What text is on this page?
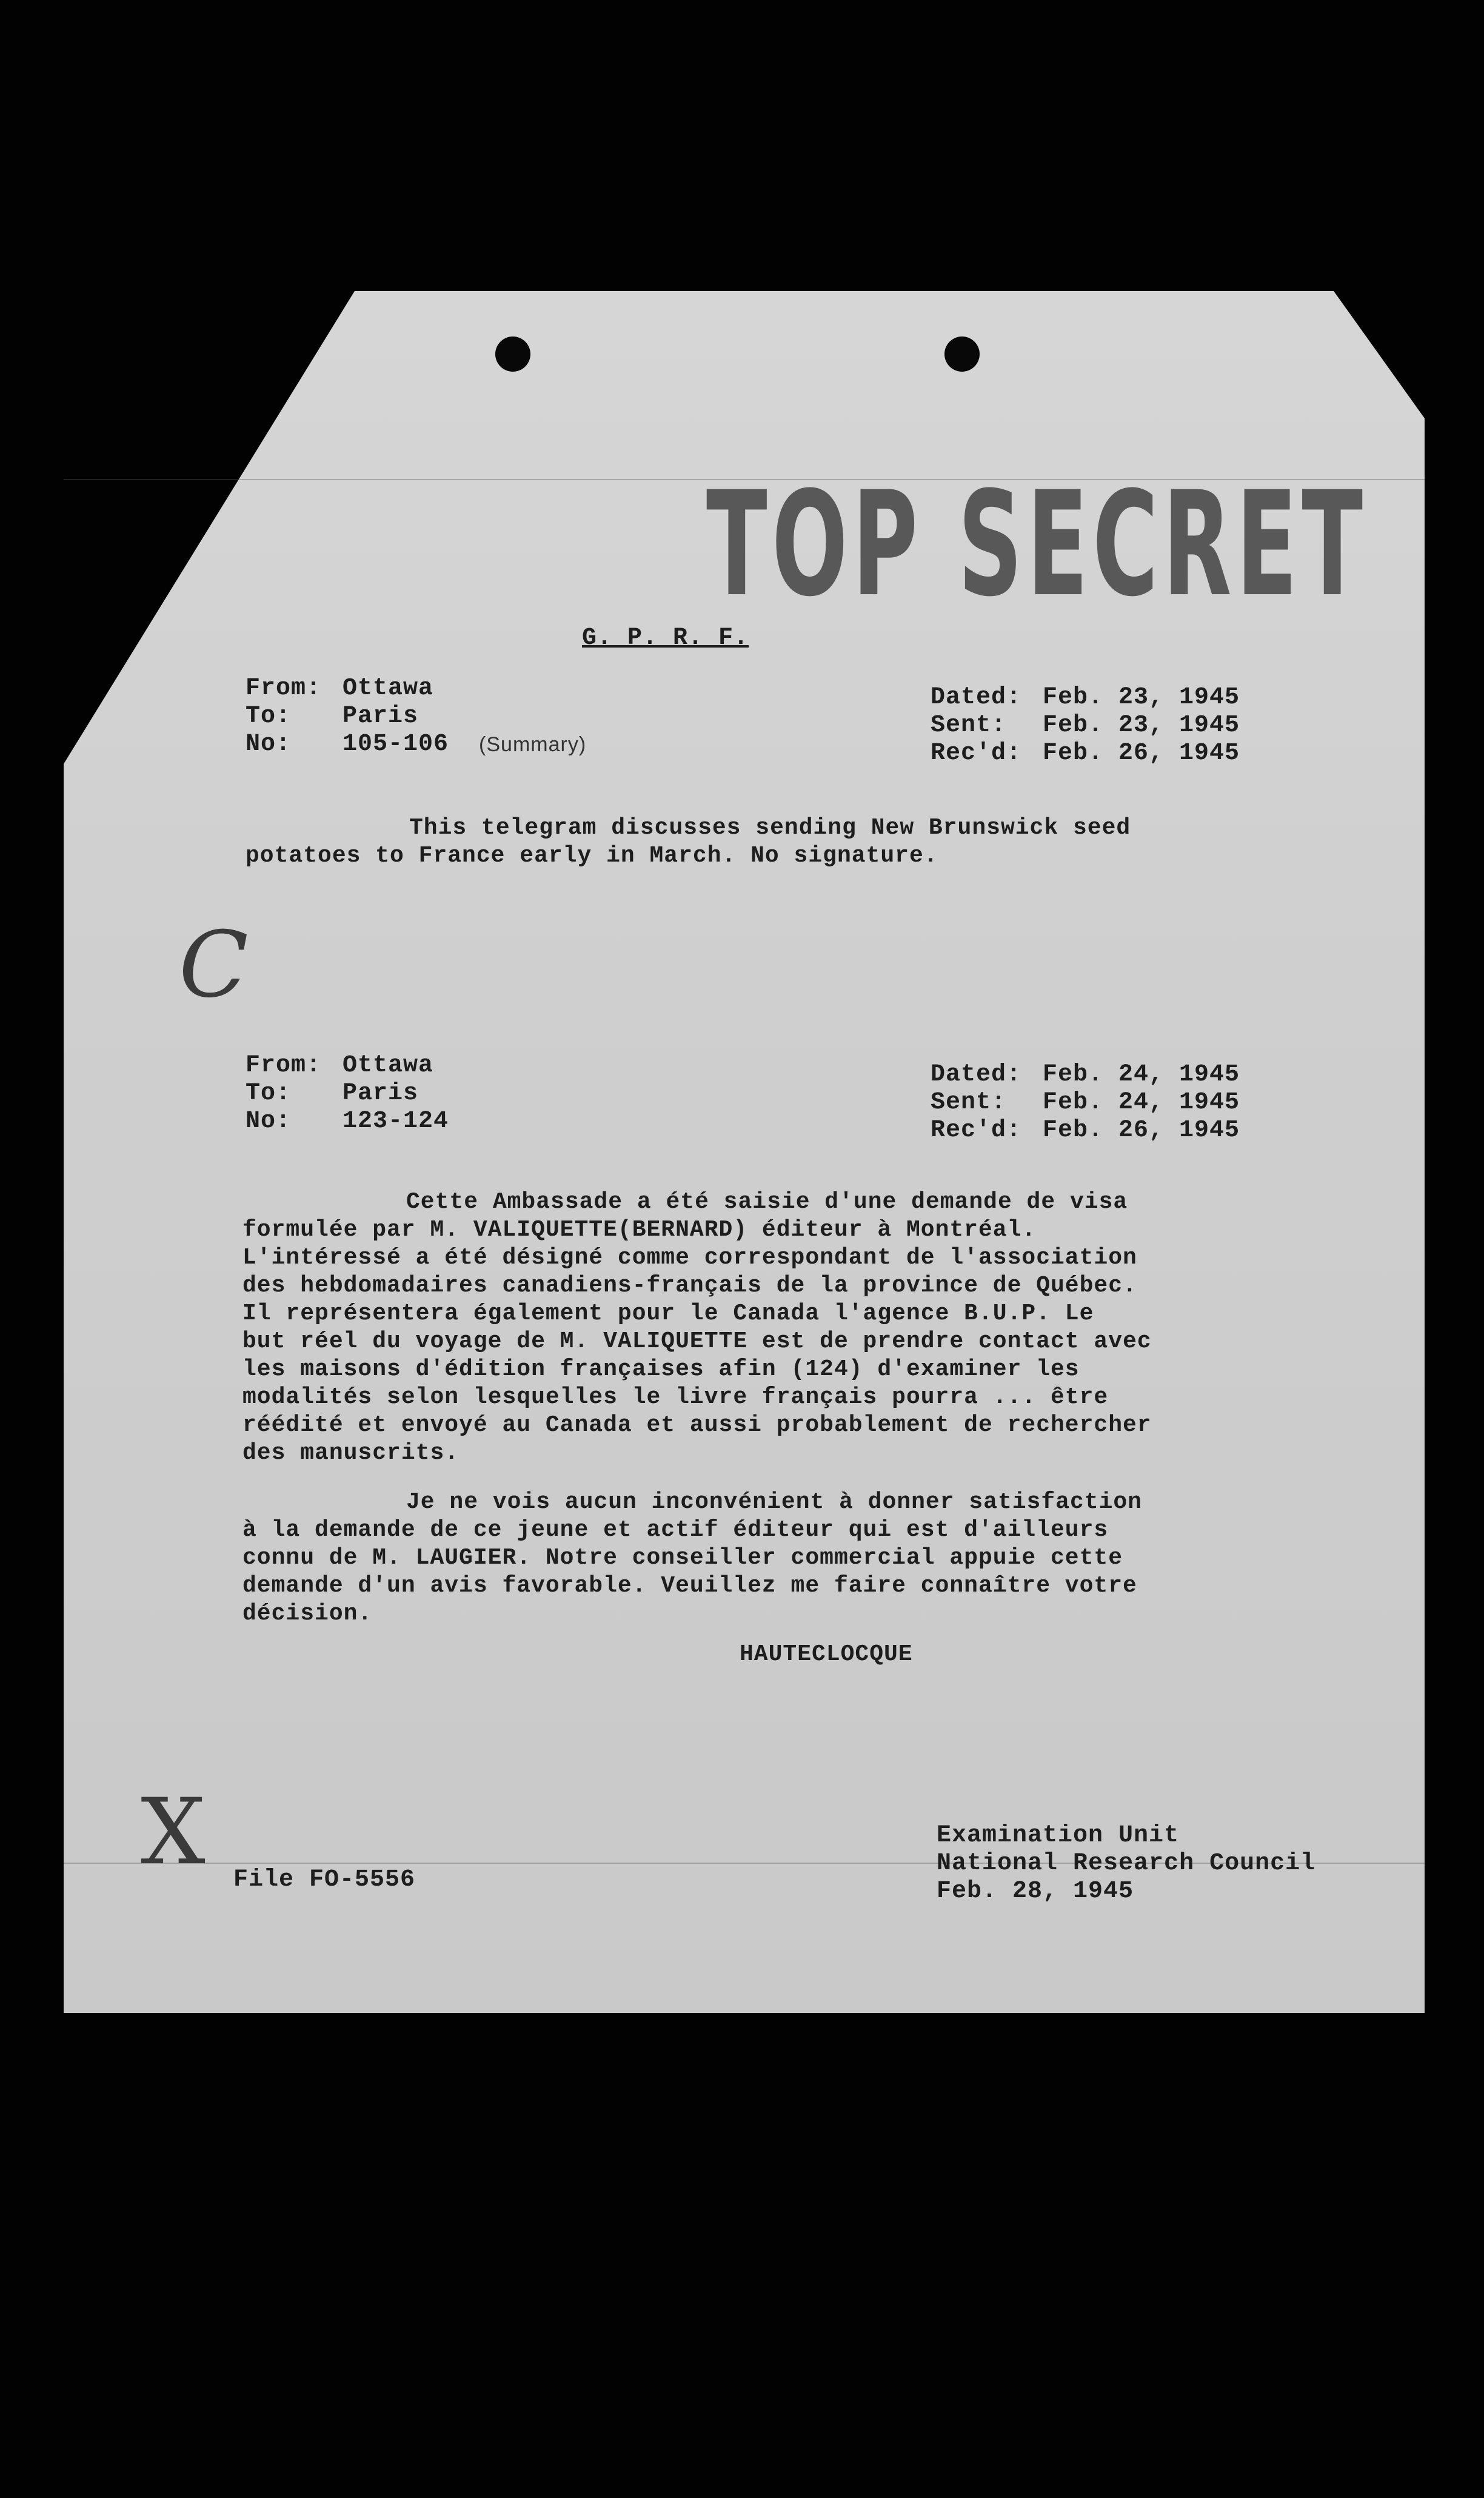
TOP SECRET
G. P. R. F.
From: Ottawa
To:	Paris
No:	105-106 (Summary)
Dated: Feb. 23, 1945
Sent:	Feb. 23, 1945
Rec'd: Feb. 26, 1945

This telegram discusses sending New Brunswick seed

potatoes to France early in March. No signature.

C
From: Ottawa
To:	Paris
No:	123-124
Dated: Feb. 24, 1945
Sent:	Feb. 24, 1945
Rec'd: Feb. 26, 1945

Cette Ambassade a été saisie d'une demande de visa

formulée par M. VALIQUETTE(BERNARD) éditeur à Montréal.

L'intéressé a été désigné comme correspondant de l'association

des hebdomadaires canadiens-français de la province de Québec.

Il représentera également pour le Canada l'agence B.U.P. Le

but réel du voyage de M. VALIQUETTE est de prendre contact avec

les maisons d'édition françaises afin (124) d'examiner les

modalités selon lesquelles le livre français pourra ... être

réédité et envoyé au Canada et aussi probablement de rechercher

des manuscrits.

Je ne vois aucun inconvénient à donner satisfaction

à la demande de ce jeune et actif éditeur qui est d'ailleurs

connu de M. LAUGIER. Notre conseiller commercial appuie cette

demande d'un avis favorable. Veuillez me faire connaître votre

décision.

HAUTECLOCQUE
X File FO-5556
Examination Unit
National Research Council
Feb. 28, 1945
